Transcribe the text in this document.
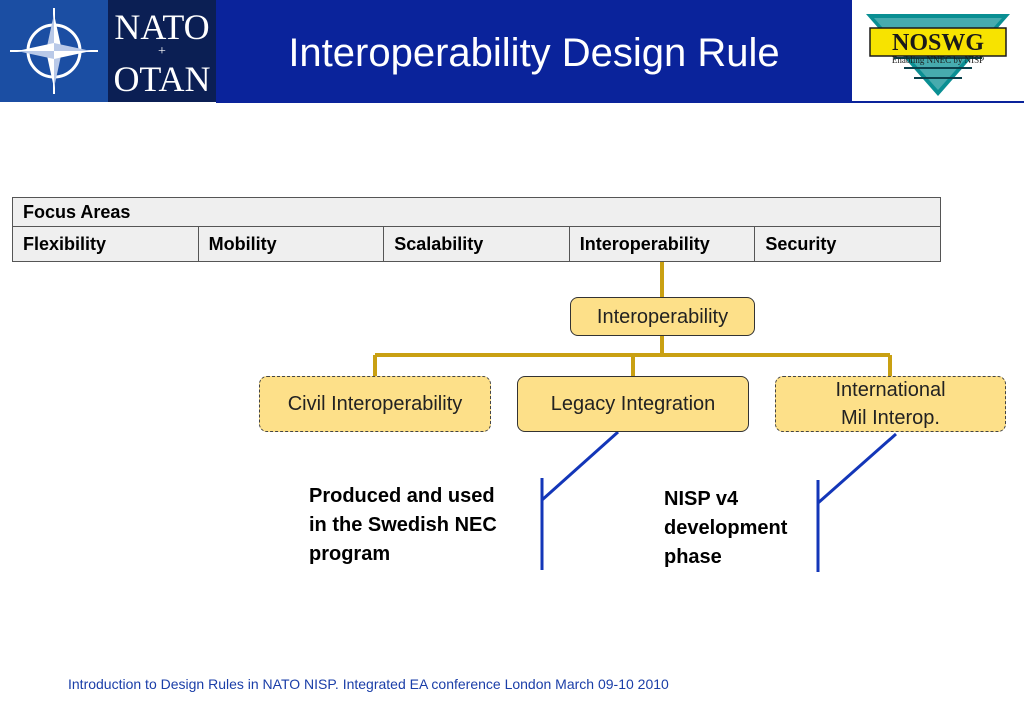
NATO
+
OTAN
Interoperability Design Rule	NOSWG
Enabling NNEC by NISP
Focus Areas
Flexibility	Mobility	Scalability	Interoperability	Security
Interoperability
Civil Interoperability	Legacy Integration
International
Mil Interop.
Produced and used
in the Swedish NEC
program
NISP v4
development
phase
Introduction to Design Rules in NATO NISP. Integrated EA conference London March 09-10 2010
